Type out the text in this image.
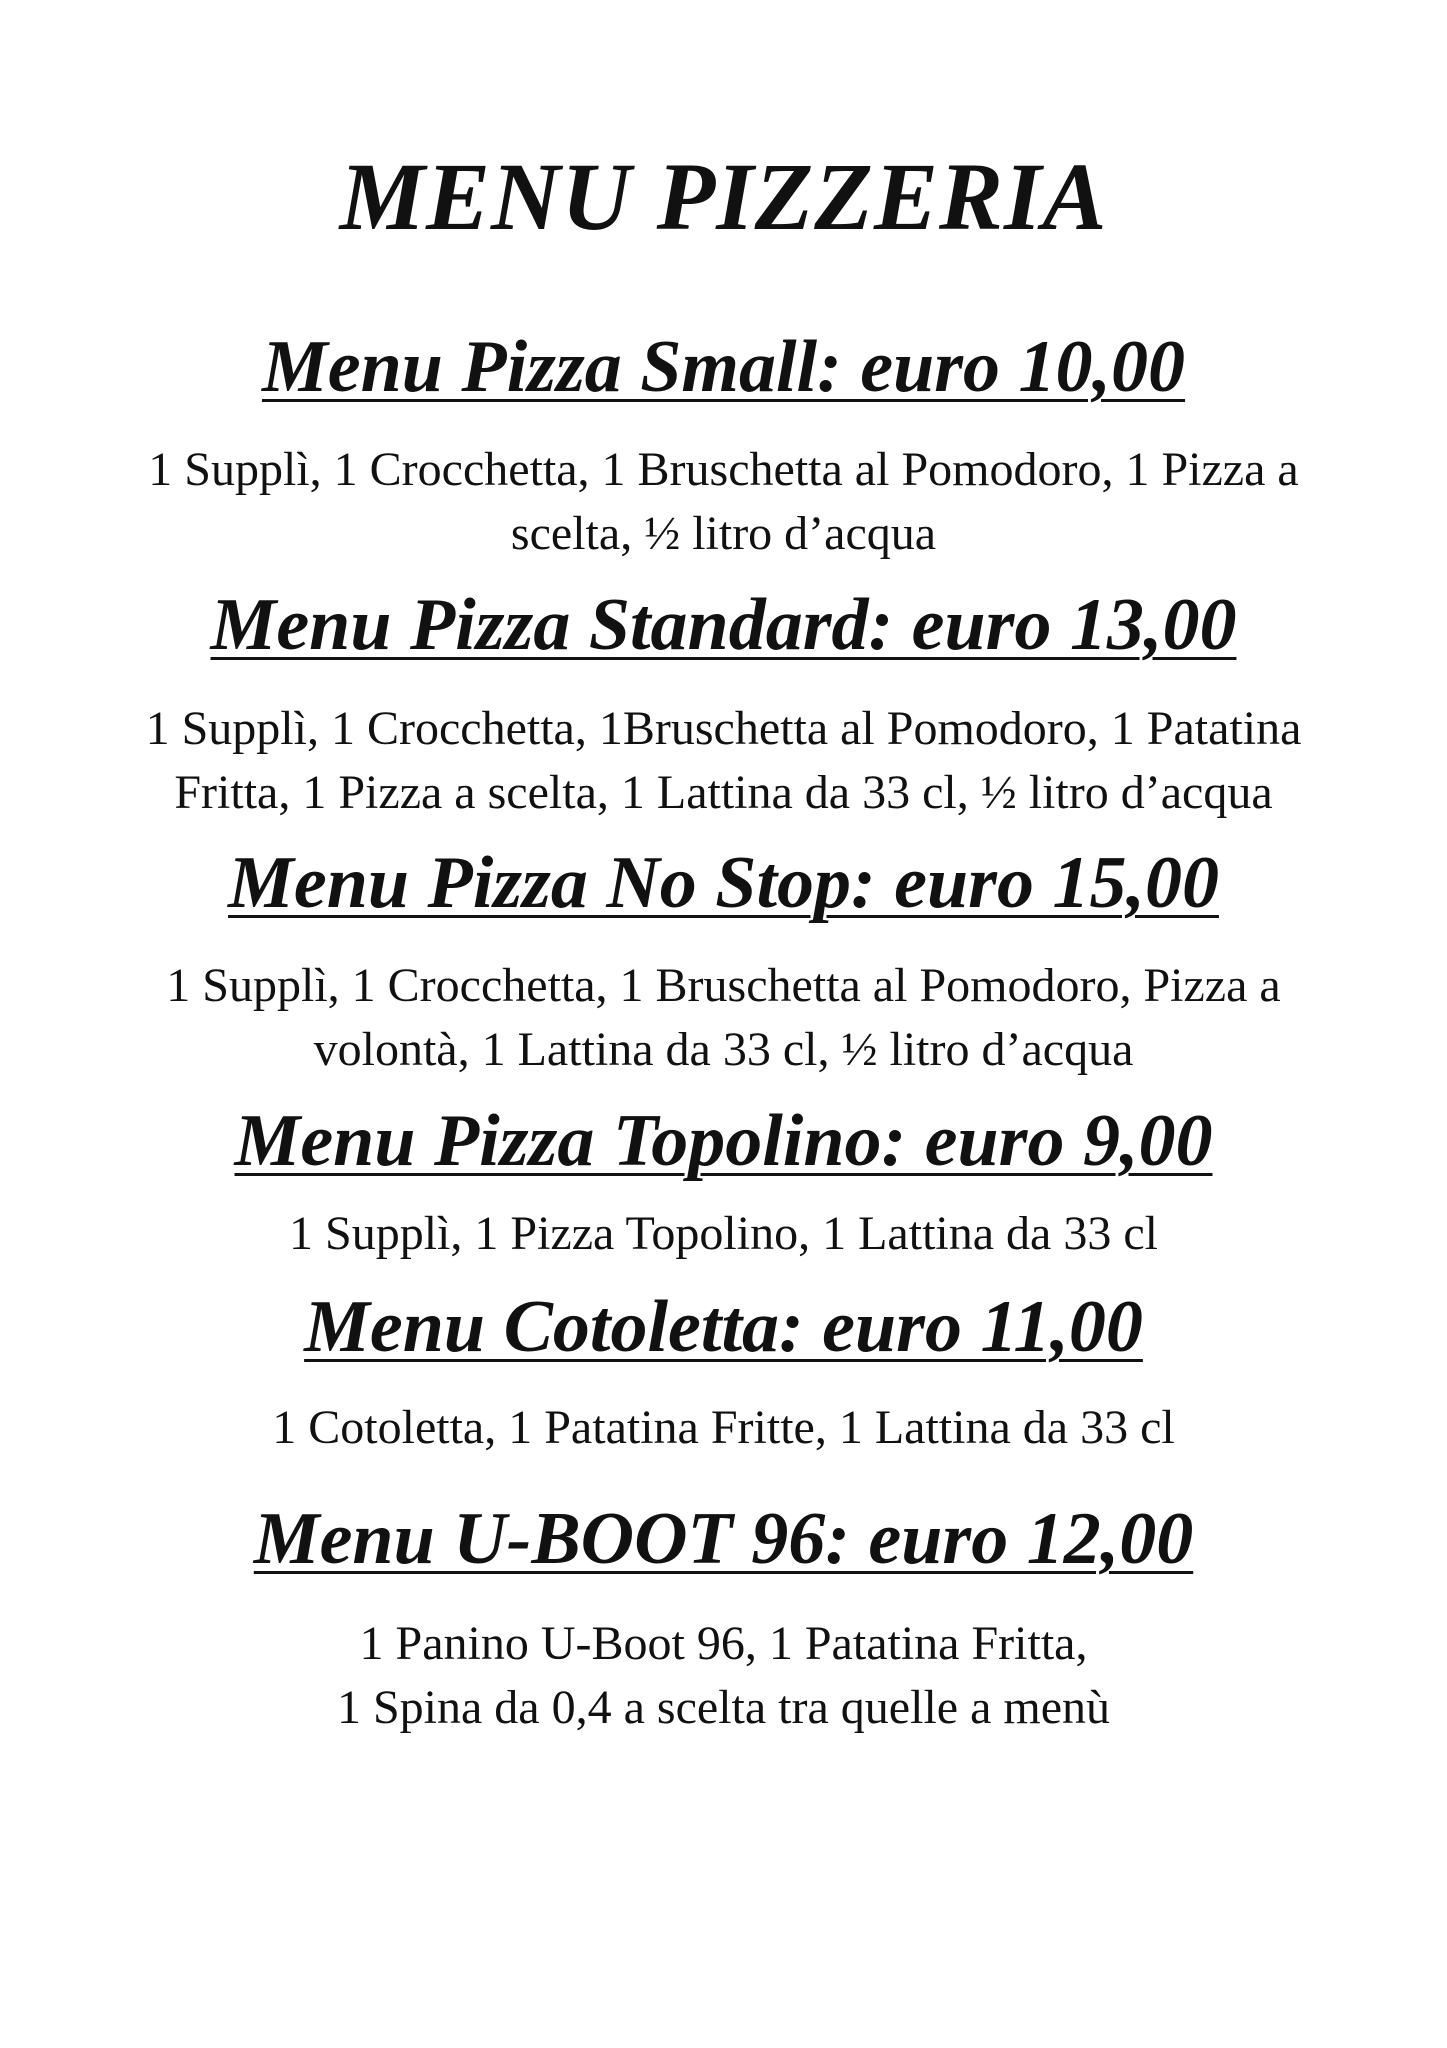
MENU PIZZERIA
Menu Pizza Small: euro 10,00

1 Supplì, 1 Crocchetta, 1 Bruschetta al Pomodoro, 1 Pizza a
scelta, ½ litro d’acqua

Menu Pizza Standard: euro 13,00

1 Supplì, 1 Crocchetta, 1Bruschetta al Pomodoro, 1 Patatina
Fritta, 1 Pizza a scelta, 1 Lattina da 33 cl, ½ litro d’acqua

Menu Pizza No Stop: euro 15,00

1 Supplì, 1 Crocchetta, 1 Bruschetta al Pomodoro, Pizza a
volontà, 1 Lattina da 33 cl, ½ litro d’acqua

Menu Pizza Topolino: euro 9,00

1 Supplì, 1 Pizza Topolino, 1 Lattina da 33 cl

Menu Cotoletta: euro 11,00

1 Cotoletta, 1 Patatina Fritte, 1 Lattina da 33 cl

Menu U-BOOT 96: euro 12,00

1 Panino U-Boot 96, 1 Patatina Fritta,
1 Spina da 0,4 a scelta tra quelle a menù
